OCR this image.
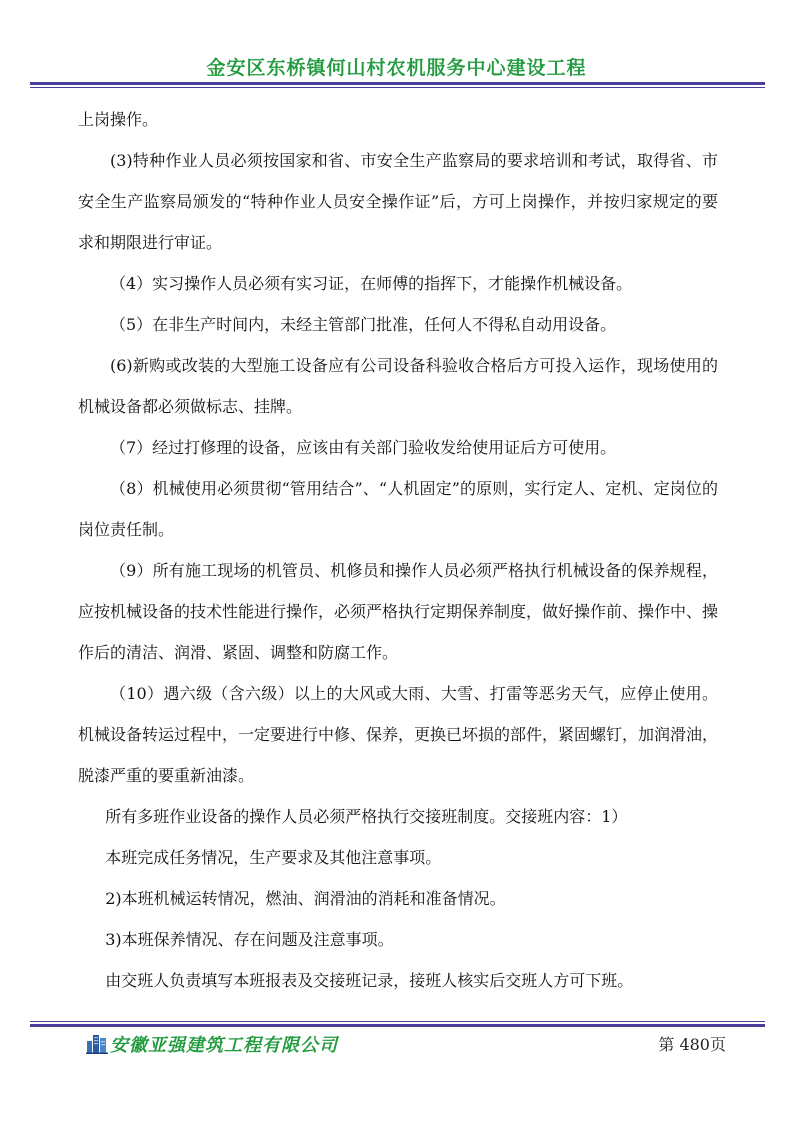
金安区东桥镇何山村农机服务中心建设工程

上岗操作。

(3)特种作业人员必须按国家和省、市安全生产监察局的要求培训和考试，取得省、市安全生产监察局颁发的“特种作业人员安全操作证”后，方可上岗操作，并按归家规定的要求和期限进行审证。

（4）实习操作人员必须有实习证，在师傅的指挥下，才能操作机械设备。

（5）在非生产时间内，未经主管部门批准，任何人不得私自动用设备。

(6)新购或改装的大型施工设备应有公司设备科验收合格后方可投入运作，现场使用的机械设备都必须做标志、挂牌。

（7）经过打修理的设备，应该由有关部门验收发给使用证后方可使用。

（8）机械使用必须贯彻“管用结合”、“人机固定”的原则，实行定人、定机、定岗位的岗位责任制。

（9）所有施工现场的机管员、机修员和操作人员必须严格执行机械设备的保养规程，应按机械设备的技术性能进行操作，必须严格执行定期保养制度，做好操作前、操作中、操作后的清洁、润滑、紧固、调整和防腐工作。

（10）遇六级（含六级）以上的大风或大雨、大雪、打雷等恶劣天气，应停止使用。机械设备转运过程中，一定要进行中修、保养，更换已坏损的部件，紧固螺钉，加润滑油，脱漆严重的要重新油漆。

所有多班作业设备的操作人员必须严格执行交接班制度。交接班内容：1）

本班完成任务情况，生产要求及其他注意事项。

2)本班机械运转情况，燃油、润滑油的消耗和准备情况。

3)本班保养情况、存在问题及注意事项。

由交班人负责填写本班报表及交接班记录，接班人核实后交班人方可下班。

安徽亚强建筑工程有限公司	第 480页
